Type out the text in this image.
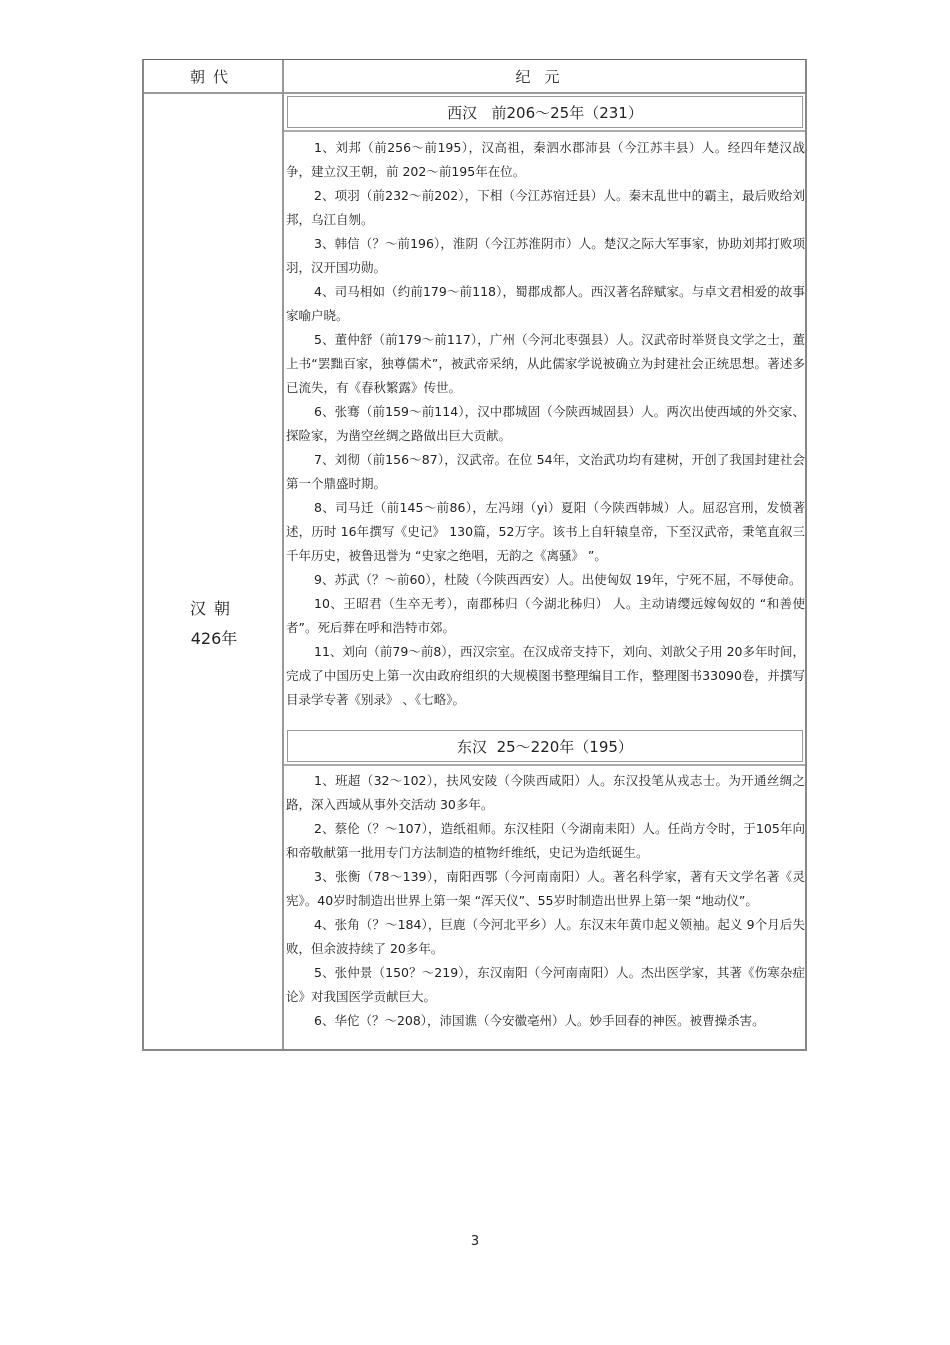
朝代	纪元
汉朝
426年
西汉   前206～25年（231）

1、刘邦（前256～前195），汉高祖，秦泗水郡沛县（今江苏丰县）人。经四年楚汉战争，建立汉王朝，前 202～前195年在位。

2、项羽（前232～前202），下相（今江苏宿迁县）人。秦末乱世中的霸主，最后败给刘邦，乌江自刎。

3、韩信（？～前196），淮阴（今江苏淮阴市）人。楚汉之际大军事家，协助刘邦打败项羽，汉开国功勋。

4、司马相如（约前179～前118），蜀郡成都人。西汉著名辞赋家。与卓文君相爱的故事家喻户晓。

5、董仲舒（前179～前117），广州（今河北枣强县）人。汉武帝时举贤良文学之士，董上书“罢黜百家，独尊儒术”，被武帝采纳，从此儒家学说被确立为封建社会正统思想。著述多已流失，有《春秋繁露》传世。

6、张骞（前159～前114），汉中郡城固（今陕西城固县）人。两次出使西域的外交家、探险家，为凿空丝绸之路做出巨大贡献。

7、刘彻（前156～87），汉武帝。在位 54年，文治武功均有建树，开创了我国封建社会第一个鼎盛时期。

8、司马迁（前145～前86），左冯翊（yì）夏阳（今陕西韩城）人。屈忍宫刑，发愤著述，历时 16年撰写《史记》 130篇，52万字。该书上自轩辕皇帝，下至汉武帝，秉笔直叙三千年历史，被鲁迅誉为 “史家之绝唱，无韵之《离骚》 ”。

9、苏武（？～前60），杜陵（今陕西西安）人。出使匈奴 19年，宁死不屈，不辱使命。

10、王昭君（生卒无考），南郡秭归（今湖北秭归） 人。主动请缨远嫁匈奴的 “和善使者”。死后葬在呼和浩特市郊。

11、刘向（前79～前8），西汉宗室。在汉成帝支持下，刘向、刘歆父子用 20多年时间，完成了中国历史上第一次由政府组织的大规模图书整理编目工作，整理图书33090卷，并撰写目录学专著《别录》 、《七略》。

东汉  25～220年（195）

1、班超（32～102），扶风安陵（今陕西咸阳）人。东汉投笔从戎志士。为开通丝绸之路，深入西域从事外交活动 30多年。

2、蔡伦（？～107），造纸祖师。东汉桂阳（今湖南耒阳）人。任尚方令时，于105年向和帝敬献第一批用专门方法制造的植物纤维纸，史记为造纸诞生。

3、张衡（78～139），南阳西鄂（今河南南阳）人。著名科学家，著有天文学名著《灵宪》。40岁时制造出世界上第一架 “浑天仪”、55岁时制造出世界上第一架 “地动仪”。

4、张角（？～184），巨鹿（今河北平乡）人。东汉末年黄巾起义领袖。起义 9个月后失败，但余波持续了 20多年。

5、张仲景（150？～219），东汉南阳（今河南南阳）人。杰出医学家，其著《伤寒杂症论》对我国医学贡献巨大。

6、华佗（？～208），沛国谯（今安徽亳州）人。妙手回春的神医。被曹操杀害。

3
